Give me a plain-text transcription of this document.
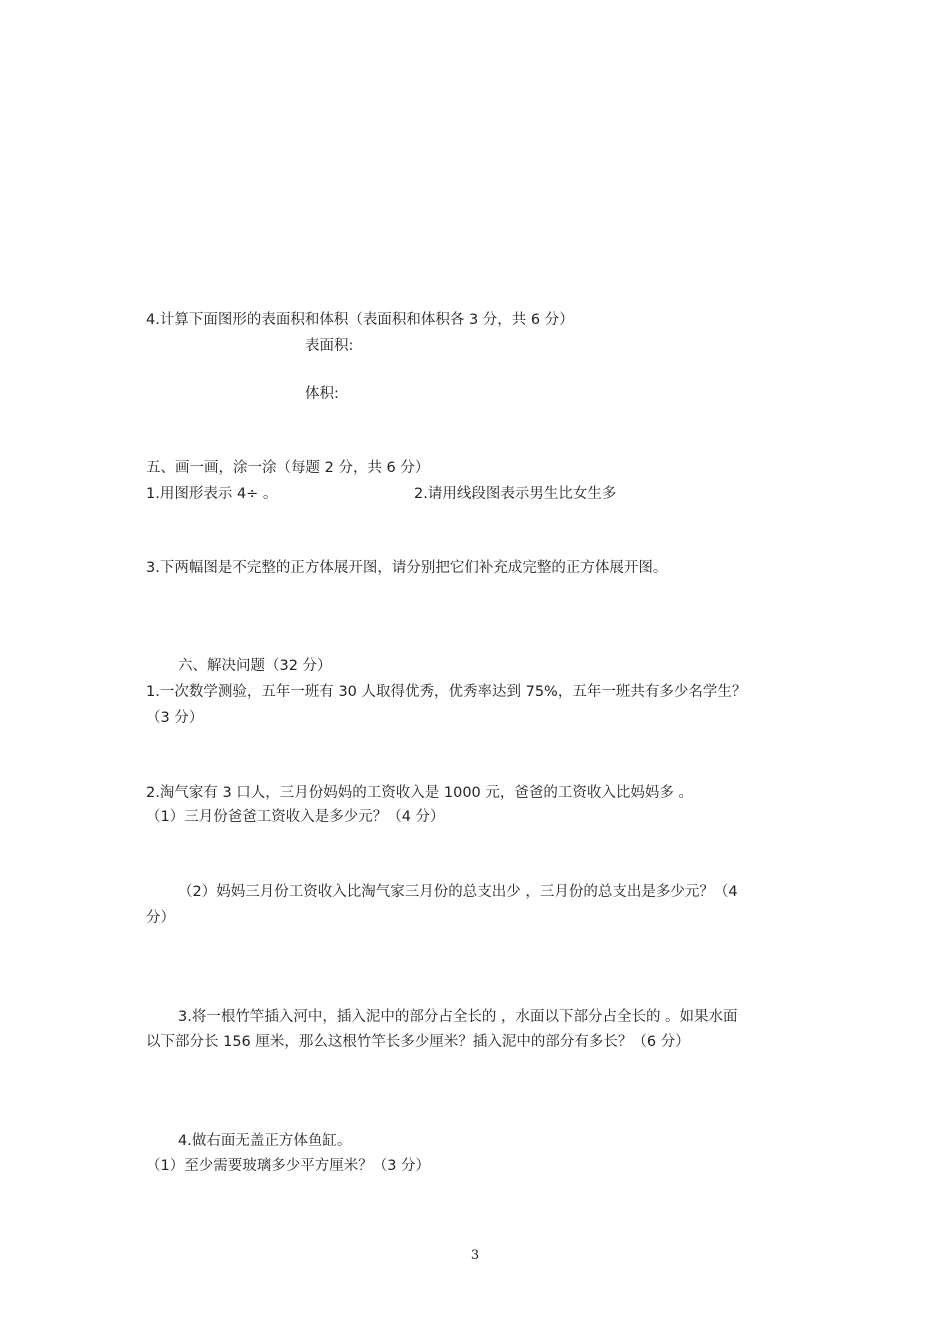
4.计算下面图形的表面积和体积（表面积和体积各 3 分，共 6 分）
表面积:
体积:
五、画一画，涂一涂（每题 2 分，共 6 分）
1.用图形表示 4÷ 。	2.请用线段图表示男生比女生多
3.下两幅图是不完整的正方体展开图，请分别把它们补充成完整的正方体展开图。
六、解决问题（32 分）
1.一次数学测验，五年一班有 30 人取得优秀，优秀率达到 75%，五年一班共有多少名学生？
（3 分）
2.淘气家有 3 口人，三月份妈妈的工资收入是 1000 元，爸爸的工资收入比妈妈多 。
（1）三月份爸爸工资收入是多少元？（4 分）
（2）妈妈三月份工资收入比淘气家三月份的总支出少 ，三月份的总支出是多少元？（4
分）
3.将一根竹竿插入河中，插入泥中的部分占全长的 ，水面以下部分占全长的 。如果水面
以下部分长 156 厘米，那么这根竹竿长多少厘米？插入泥中的部分有多长？（6 分）
4.做右面无盖正方体鱼缸。
（1）至少需要玻璃多少平方厘米？（3 分）
3
